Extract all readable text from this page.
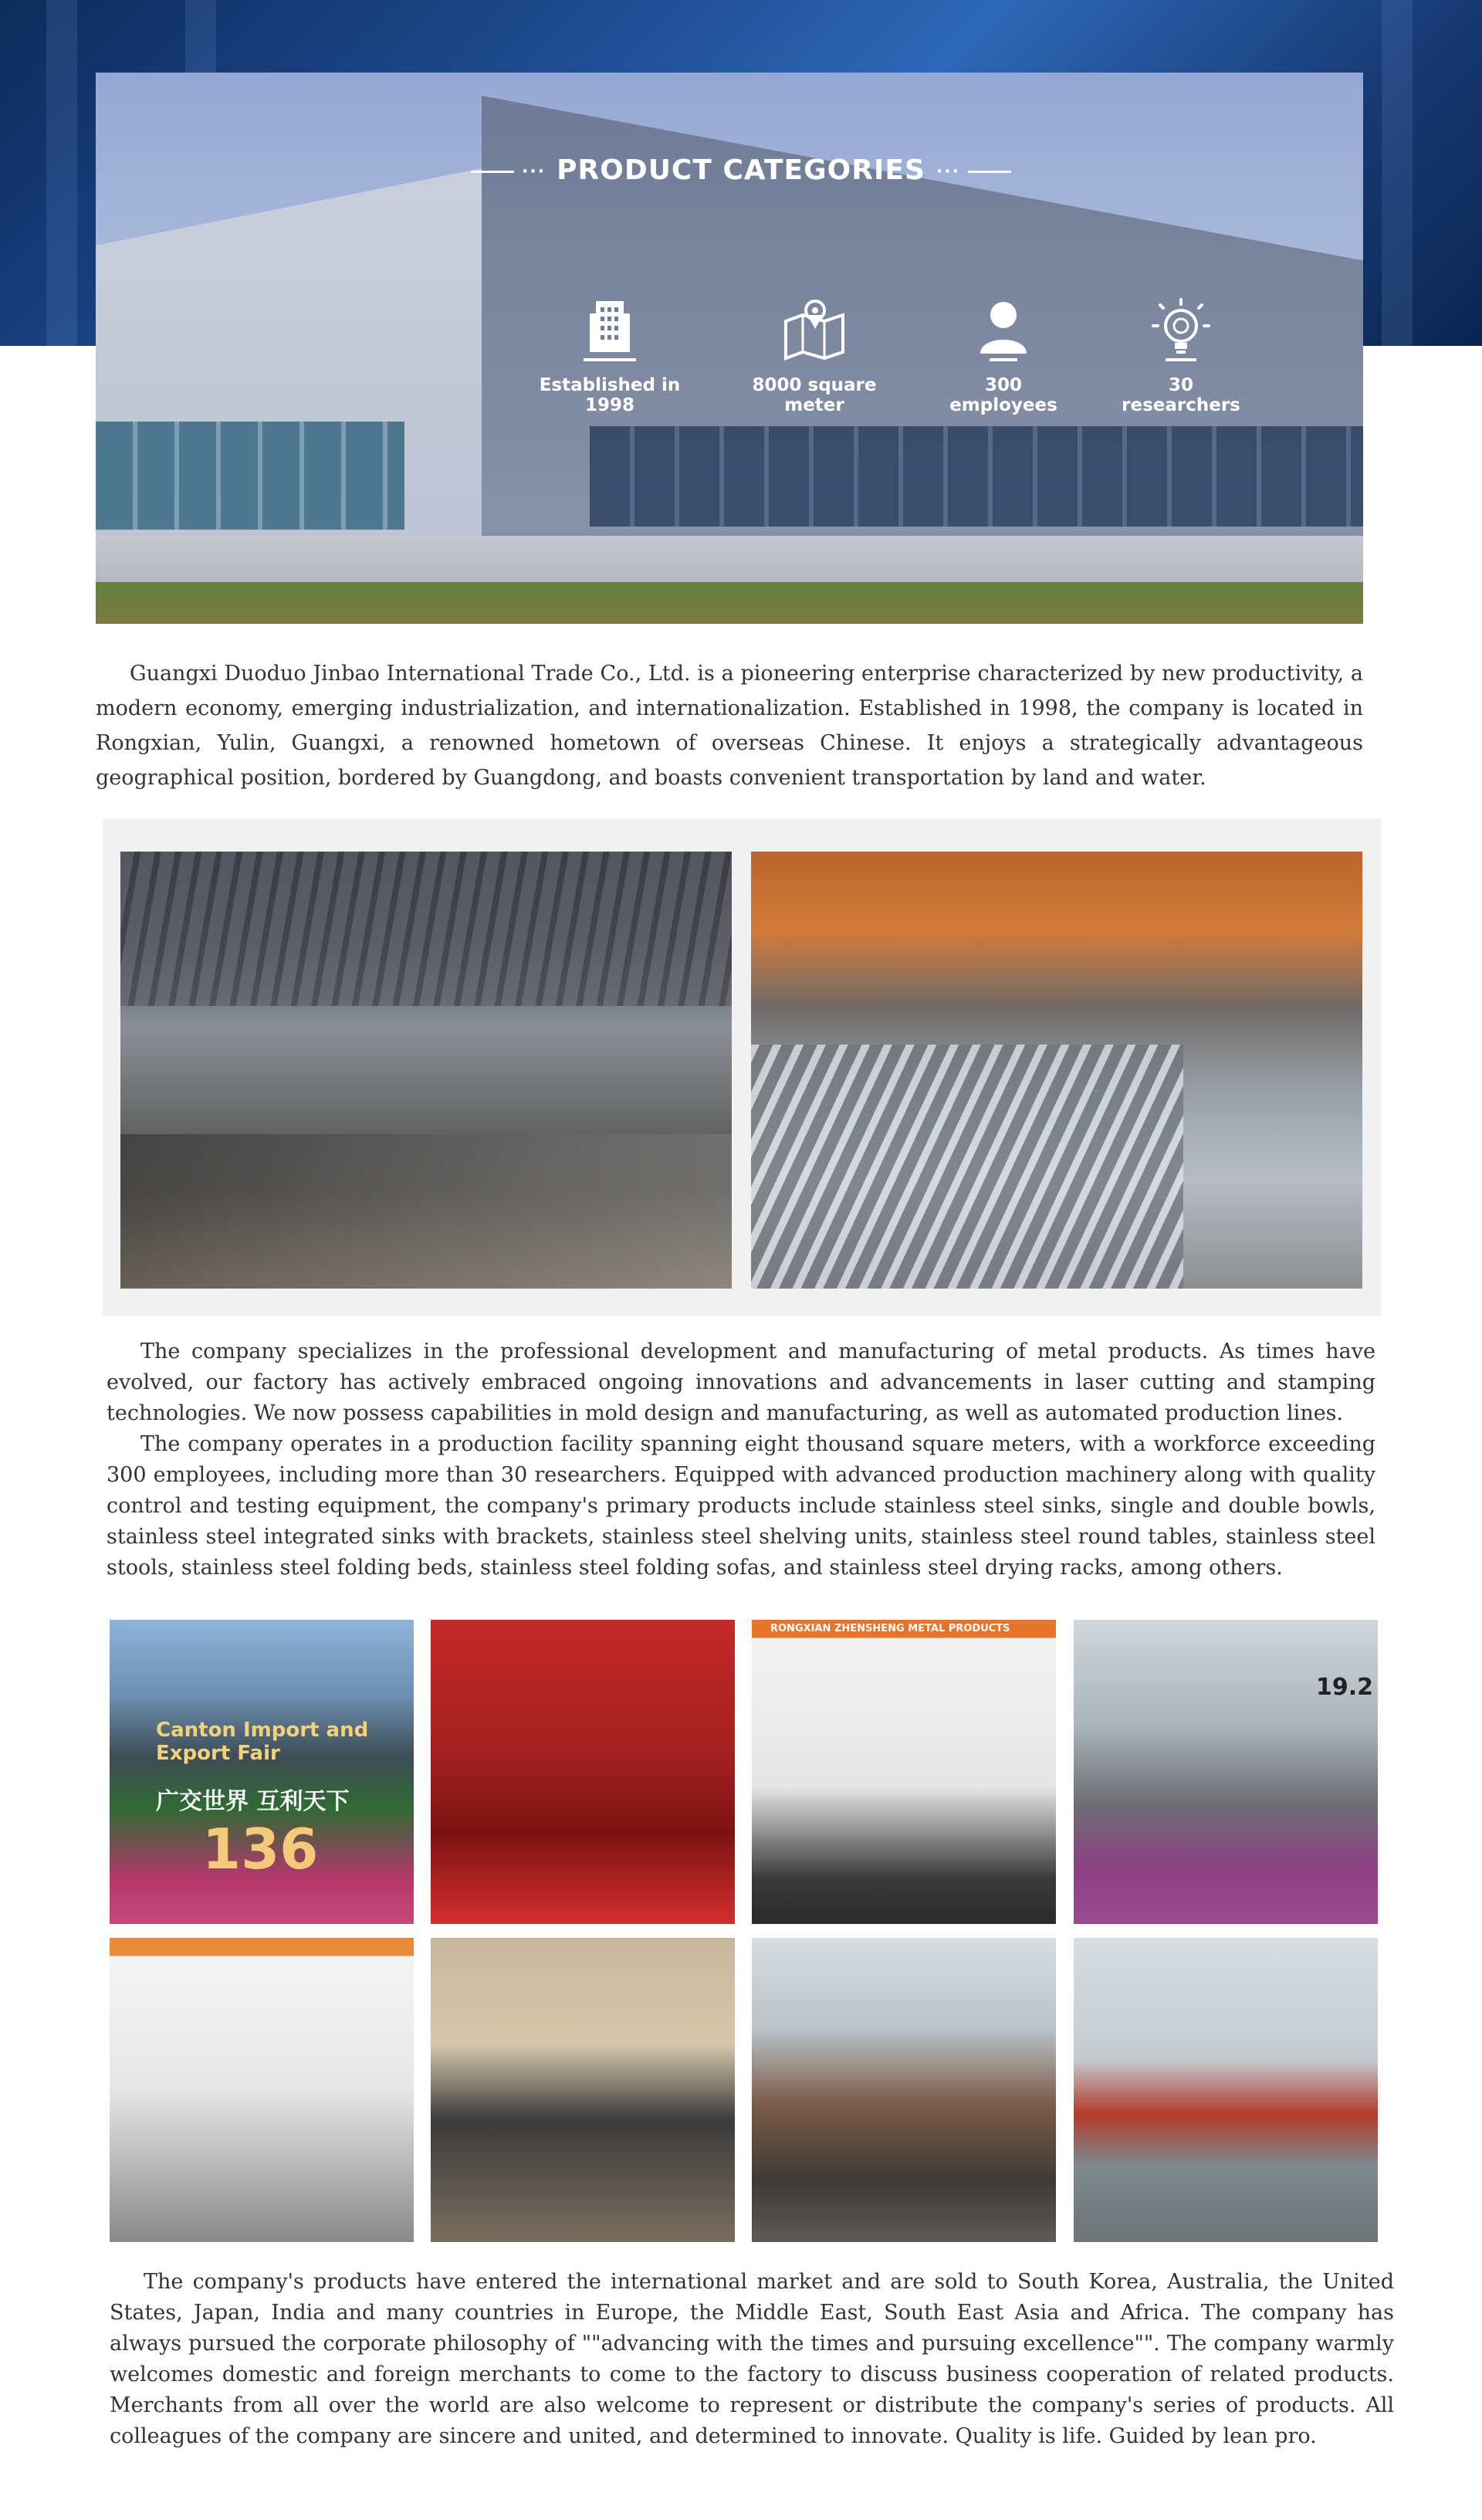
··· PRODUCT CATEGORIES ···
Established in 1998
8000 square meter
300 employees
30 researchers

Guangxi Duoduo Jinbao International Trade Co., Ltd. is a pioneering enterprise characterized by new productivity, a modern economy, emerging industrialization, and internationalization. Established in 1998, the company is located in Rongxian, Yulin, Guangxi, a renowned hometown of overseas Chinese. It enjoys a strategically advantageous geographical position, bordered by Guangdong, and boasts convenient transportation by land and water.

The company specializes in the professional development and manufacturing of metal products. As times have evolved, our factory has actively embraced ongoing innovations and advancements in laser cutting and stamping technologies. We now possess capabilities in mold design and manufacturing, as well as automated production lines.

The company operates in a production facility spanning eight thousand square meters, with a workforce exceeding 300 employees, including more than 30 researchers. Equipped with advanced production machinery along with quality control and testing equipment, the company's primary products include stainless steel sinks, single and double bowls, stainless steel integrated sinks with brackets, stainless steel shelving units, stainless steel round tables, stainless steel stools, stainless steel folding beds, stainless steel folding sofas, and stainless steel drying racks, among others.

Canton Import and Export Fair
广交世界 互利天下
136
RONGXIAN ZHENSHENG METAL PRODUCTS
19.2

The company's products have entered the international market and are sold to South Korea, Australia, the United States, Japan, India and many countries in Europe, the Middle East, South East Asia and Africa. The company has always pursued the corporate philosophy of ""advancing with the times and pursuing excellence"". The company warmly welcomes domestic and foreign merchants to come to the factory to discuss business cooperation of related products. Merchants from all over the world are also welcome to represent or distribute the company's series of products. All colleagues of the company are sincere and united, and determined to innovate. Quality is life. Guided by lean pro.
